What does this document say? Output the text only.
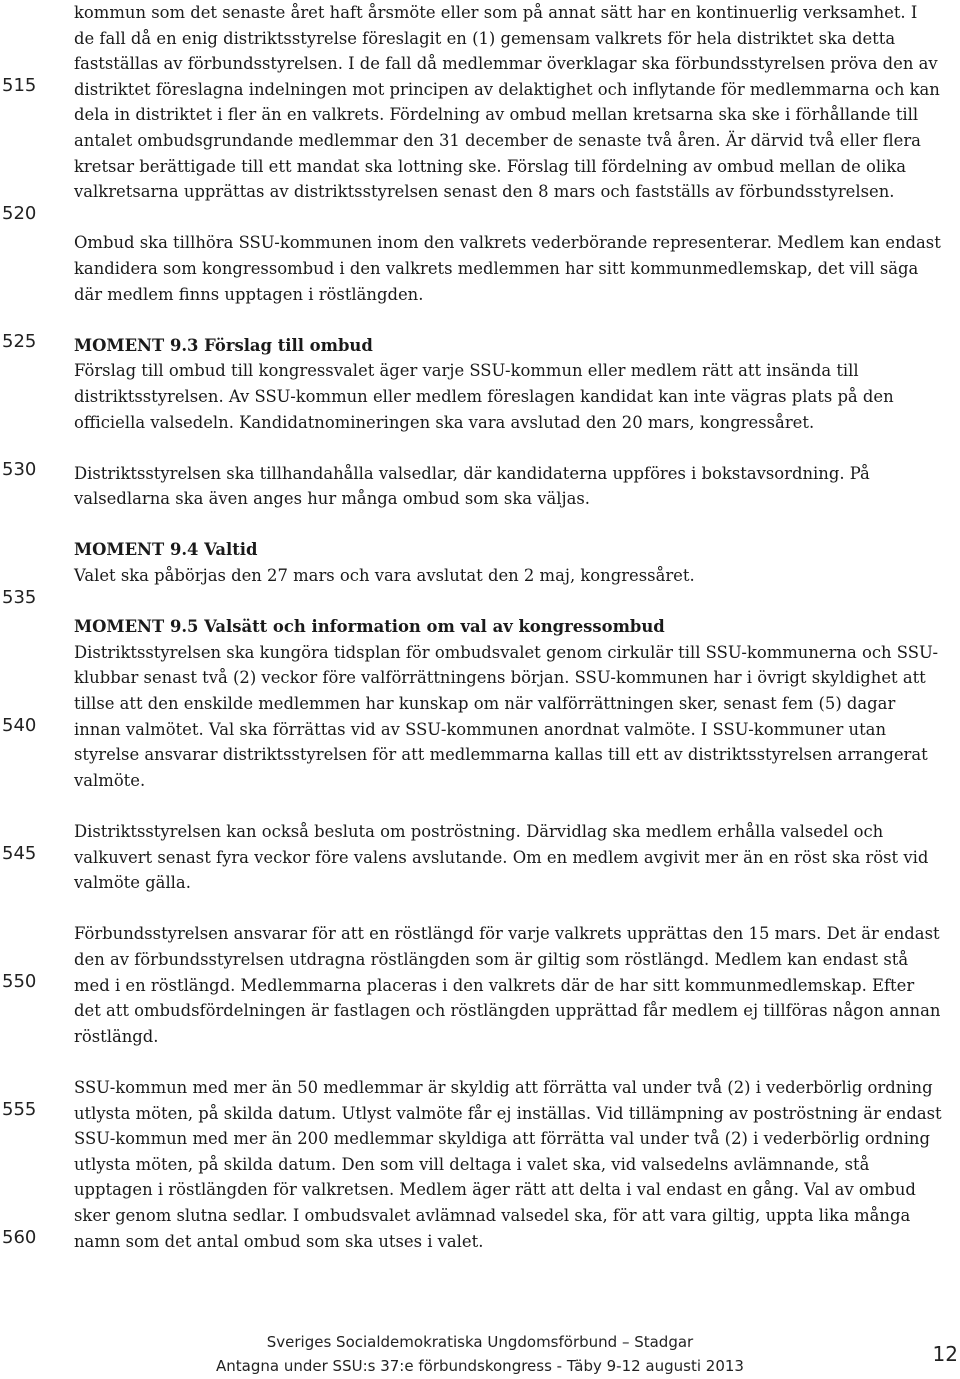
515
520
525
530
535
540
545
550
555
560

kommun som det senaste året haft årsmöte eller som på annat sätt har en kontinuerlig verksamhet. I de fall då en enig distriktsstyrelse föreslagit en (1) gemensam valkrets för hela distriktet ska detta fastställas av förbundsstyrelsen. I de fall då medlemmar överklagar ska förbundsstyrelsen pröva den av distriktet föreslagna indelningen mot principen av delaktighet och inflytande för medlemmarna och kan dela in distriktet i fler än en valkrets. Fördelning av ombud mellan kretsarna ska ske i förhållande till antalet ombudsgrundande medlemmar den 31 december de senaste två åren. Är därvid två eller flera kretsar berättigade till ett mandat ska lottning ske. Förslag till fördelning av ombud mellan de olika valkretsarna upprättas av distriktsstyrelsen senast den 8 mars och fastställs av förbundsstyrelsen.

Ombud ska tillhöra SSU-kommunen inom den valkrets vederbörande representerar. Medlem kan endast kandidera som kongressombud i den valkrets medlemmen har sitt kommunmedlemskap, det vill säga där medlem finns upptagen i röstlängden.

MOMENT 9.3 Förslag till ombud

Förslag till ombud till kongressvalet äger varje SSU-kommun eller medlem rätt att insända till distriktsstyrelsen. Av SSU-kommun eller medlem föreslagen kandidat kan inte vägras plats på den officiella valsedeln. Kandidatnomineringen ska vara avslutad den 20 mars, kongressåret.

Distriktsstyrelsen ska tillhandahålla valsedlar, där kandidaterna uppföres i bokstavsordning. På valsedlarna ska även anges hur många ombud som ska väljas.

MOMENT 9.4 Valtid

Valet ska påbörjas den 27 mars och vara avslutat den 2 maj, kongressåret.

MOMENT 9.5 Valsätt och information om val av kongressombud

Distriktsstyrelsen ska kungöra tidsplan för ombudsvalet genom cirkulär till SSU-kommunerna och SSU-klubbar senast två (2) veckor före valförrättningens början. SSU-kommunen har i övrigt skyldighet att tillse att den enskilde medlemmen har kunskap om när valförrättningen sker, senast fem (5) dagar innan valmötet. Val ska förrättas vid av SSU-kommunen anordnat valmöte. I SSU-kommuner utan styrelse ansvarar distriktsstyrelsen för att medlemmarna kallas till ett av distriktsstyrelsen arrangerat valmöte.

Distriktsstyrelsen kan också besluta om poströstning. Därvidlag ska medlem erhålla valsedel och valkuvert senast fyra veckor före valens avslutande. Om en medlem avgivit mer än en röst ska röst vid valmöte gälla.

Förbundsstyrelsen ansvarar för att en röstlängd för varje valkrets upprättas den 15 mars. Det är endast den av förbundsstyrelsen utdragna röstlängden som är giltig som röstlängd. Medlem kan endast stå med i en röstlängd. Medlemmarna placeras i den valkrets där de har sitt kommunmedlemskap. Efter det att ombudsfördelningen är fastlagen och röstlängden upprättad får medlem ej tillföras någon annan röstlängd.

SSU-kommun med mer än 50 medlemmar är skyldig att förrätta val under två (2) i vederbörlig ordning utlysta möten, på skilda datum. Utlyst valmöte får ej inställas. Vid tillämpning av poströstning är endast SSU-kommun med mer än 200 medlemmar skyldiga att förrätta val under två (2) i vederbörlig ordning utlysta möten, på skilda datum. Den som vill deltaga i valet ska, vid valsedelns avlämnande, stå upptagen i röstlängden för valkretsen. Medlem äger rätt att delta i val endast en gång. Val av ombud sker genom slutna sedlar. I ombudsvalet avlämnad valsedel ska, för att vara giltig, uppta lika många namn som det antal ombud som ska utses i valet.

Sveriges Socialdemokratiska Ungdomsförbund – Stadgar
Antagna under SSU:s 37:e förbundskongress - Täby 9-12 augusti 2013	12
